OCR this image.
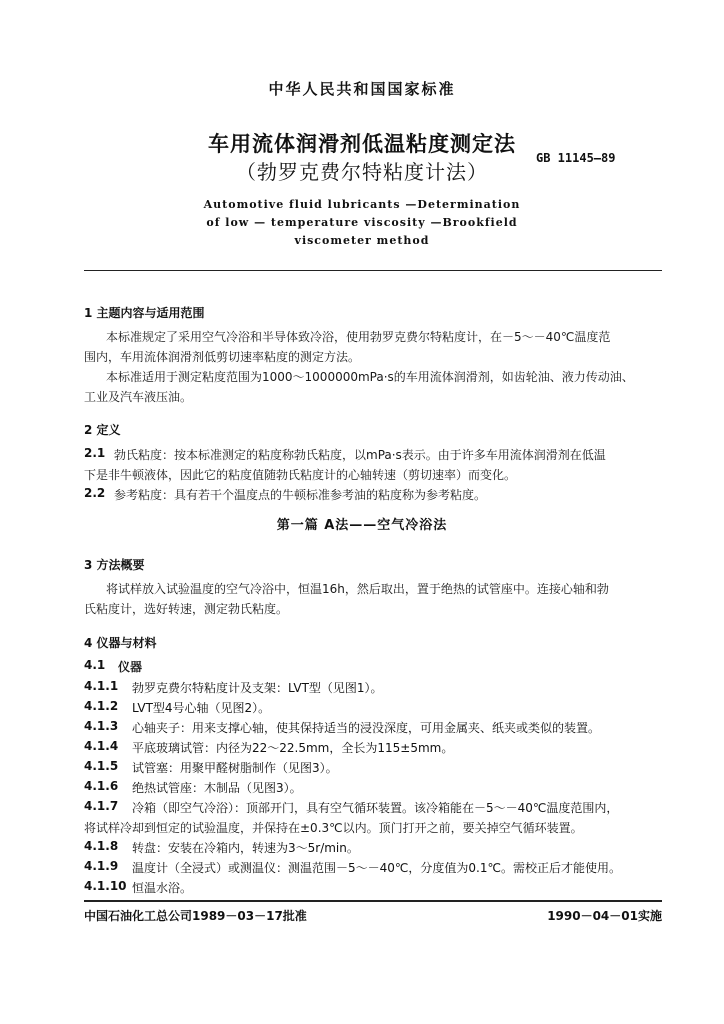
中华人民共和国国家标准
车用流体润滑剂低温粘度测定法
（勃罗克费尔特粘度计法）
GB 11145—89
Automotive fluid lubricants —Determination
of low — temperature viscosity —Brookfield
viscometer method
1 主题内容与适用范围
本标准规定了采用空气冷浴和半导体致冷浴，使用勃罗克费尔特粘度计，在－5～－40℃温度范
围内，车用流体润滑剂低剪切速率粘度的测定方法。
本标准适用于测定粘度范围为1000～1000000mPa·s的车用流体润滑剂，如齿轮油、液力传动油、
工业及汽车液压油。
2 定义
2.1 勃氏粘度：按本标准测定的粘度称勃氏粘度，以mPa·s表示。由于许多车用流体润滑剂在低温
下是非牛顿液体，因此它的粘度值随勃氏粘度计的心轴转速（剪切速率）而变化。
2.2 参考粘度：具有若干个温度点的牛顿标准参考油的粘度称为参考粘度。
第一篇 A法——空气冷浴法
3 方法概要
将试样放入试验温度的空气冷浴中，恒温16h，然后取出，置于绝热的试管座中。连接心轴和勃
氏粘度计，选好转速，测定勃氏粘度。
4 仪器与材料
4.1 仪器
4.1.1 勃罗克费尔特粘度计及支架：LVT型（见图1）。
4.1.2 LVT型4号心轴（见图2）。
4.1.3 心轴夹子：用来支撑心轴，使其保持适当的浸没深度，可用金属夹、纸夹或类似的装置。
4.1.4 平底玻璃试管：内径为22～22.5mm，全长为115±5mm。
4.1.5 试管塞：用聚甲醛树脂制作（见图3）。
4.1.6 绝热试管座：木制品（见图3）。
4.1.7 冷箱（即空气冷浴）：顶部开门，具有空气循环装置。该冷箱能在－5～－40℃温度范围内，
将试样冷却到恒定的试验温度，并保持在±0.3℃以内。顶门打开之前，要关掉空气循环装置。
4.1.8 转盘：安装在冷箱内，转速为3～5r/min。
4.1.9 温度计（全浸式）或测温仪：测温范围－5～－40℃，分度值为0.1℃。需校正后才能使用。
4.1.10 恒温水浴。
中国石油化工总公司1989－03－17批准	1990－04－01实施
